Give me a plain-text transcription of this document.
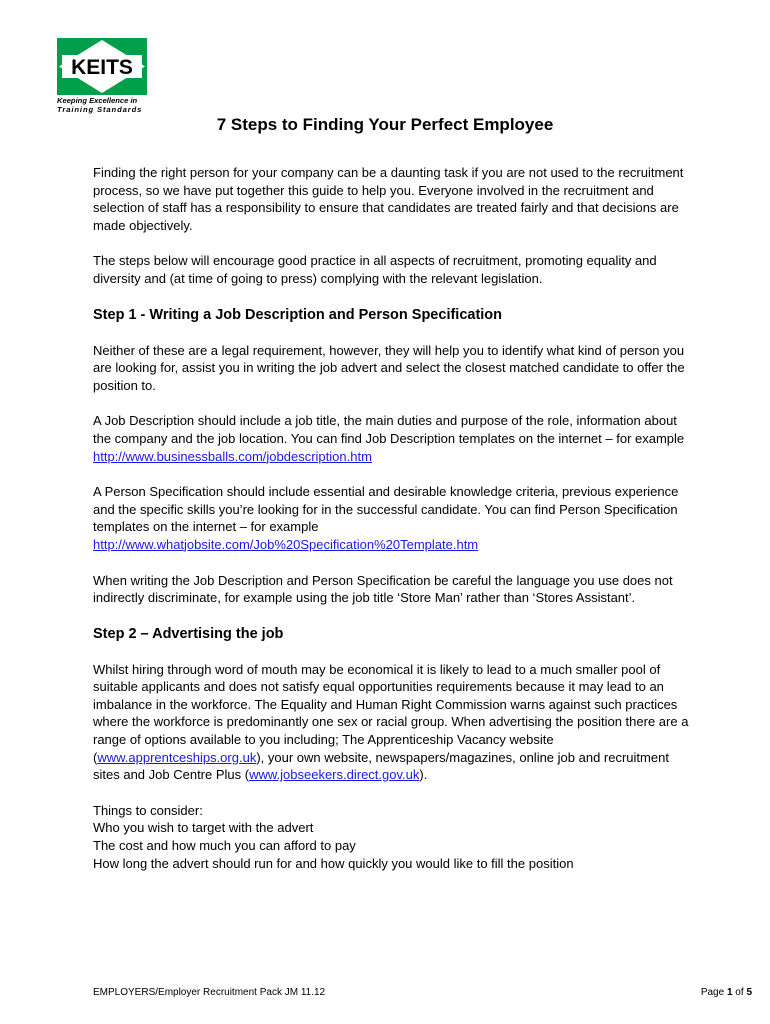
KEITS
Keeping Excellence in
Training Standards
7 Steps to Finding Your Perfect Employee

Finding the right person for your company can be a daunting task if you are not used to the recruitment process, so we have put together this guide to help you. Everyone involved in the recruitment and selection of staff has a responsibility to ensure that candidates are treated fairly and that decisions are made objectively.

The steps below will encourage good practice in all aspects of recruitment, promoting equality and diversity and (at time of going to press) complying with the relevant legislation.

Step 1 - Writing a Job Description and Person Specification

Neither of these are a legal requirement, however, they will help you to identify what kind of person you are looking for, assist you in writing the job advert and select the closest matched candidate to offer the position to.

A Job Description should include a job title, the main duties and purpose of the role, information about the company and the job location. You can find Job Description templates on the internet – for example http://www.businessballs.com/jobdescription.htm

A Person Specification should include essential and desirable knowledge criteria, previous experience and the specific skills you’re looking for in the successful candidate. You can find Person Specification templates on the internet – for example http://www.whatjobsite.com/Job%20Specification%20Template.htm

When writing the Job Description and Person Specification be careful the language you use does not indirectly discriminate, for example using the job title ‘Store Man’ rather than ‘Stores Assistant’.

Step 2 – Advertising the job

Whilst hiring through word of mouth may be economical it is likely to lead to a much smaller pool of suitable applicants and does not satisfy equal opportunities requirements because it may lead to an imbalance in the workforce. The Equality and Human Right Commission warns against such practices where the workforce is predominantly one sex or racial group. When advertising the position there are a range of options available to you including; The Apprenticeship Vacancy website (www.apprentceships.org.uk), your own website, newspapers/magazines, online job and recruitment sites and Job Centre Plus (www.jobseekers.direct.gov.uk).

Things to consider:
Who you wish to target with the advert
The cost and how much you can afford to pay
How long the advert should run for and how quickly you would like to fill the position

EMPLOYERS/Employer Recruitment Pack JM 11.12	Page 1 of 5
